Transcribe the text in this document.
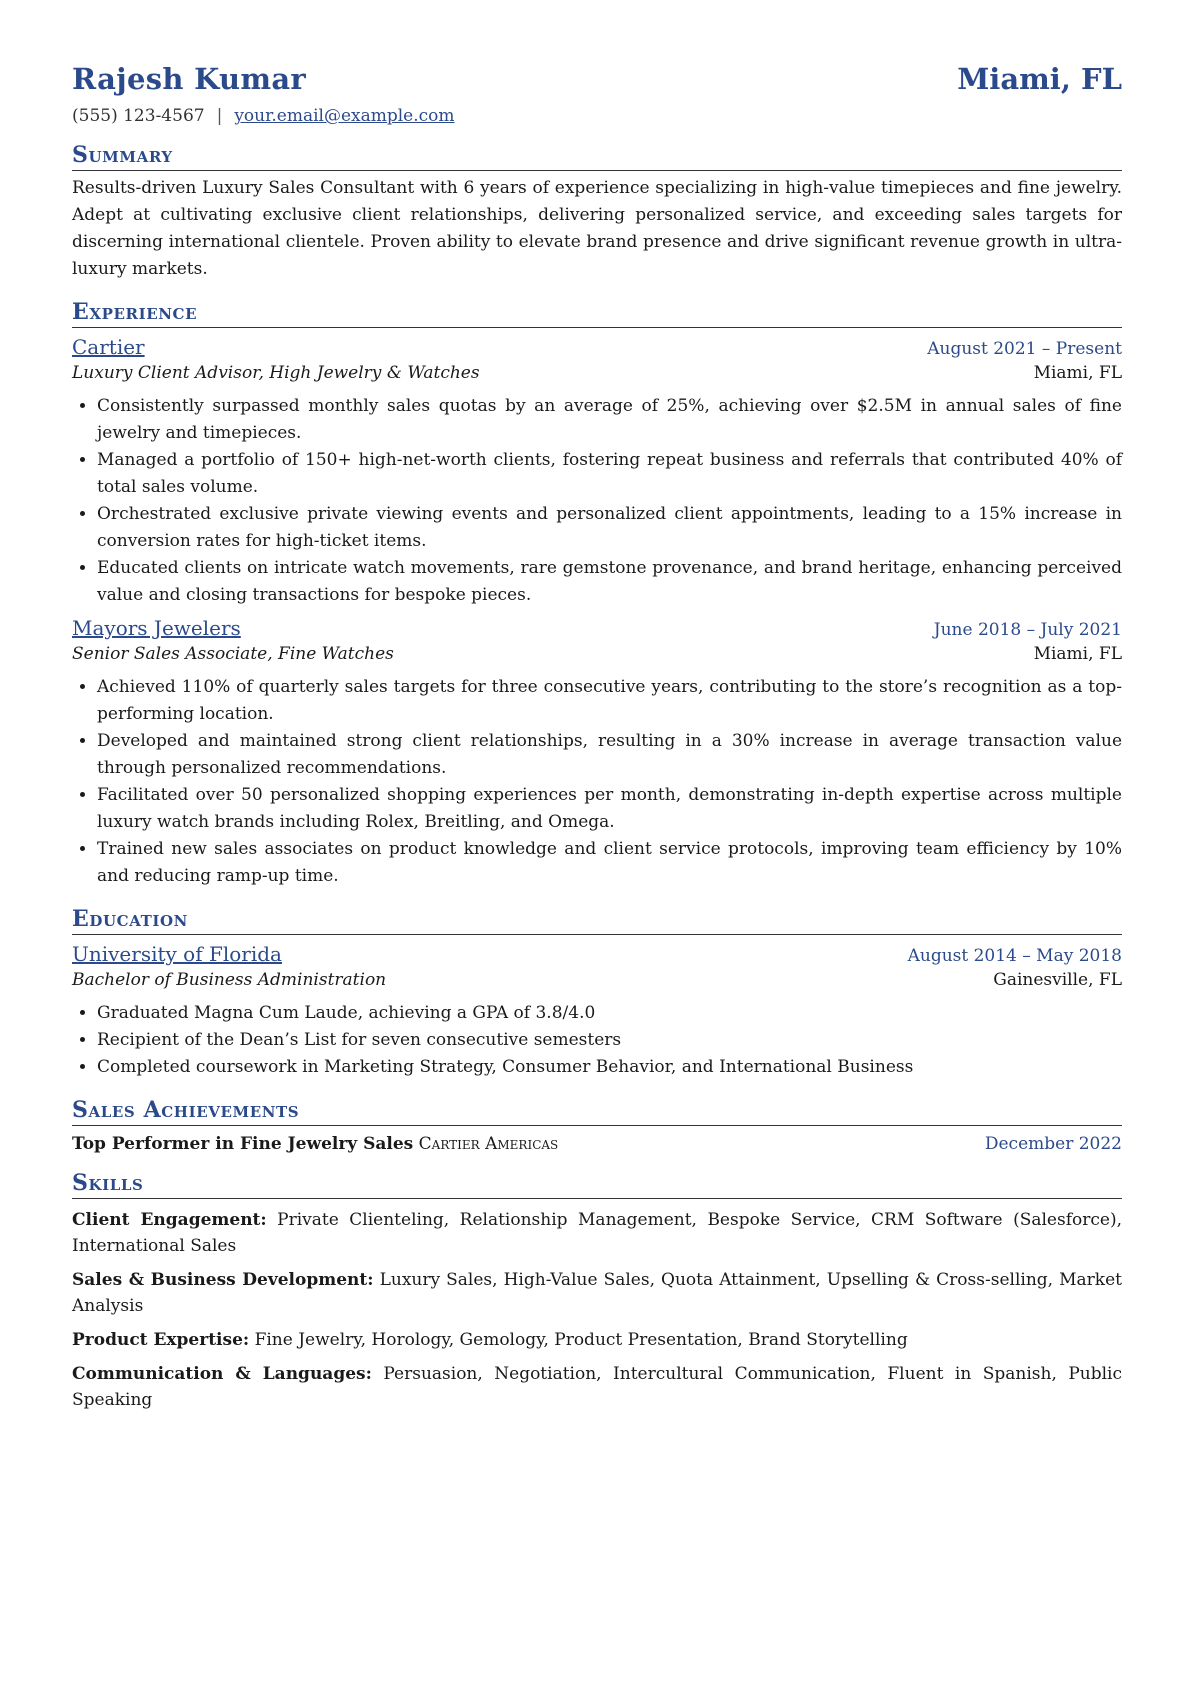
Rajesh Kumar	Miami, FL
(555) 123-4567 | your.email@example.com
Summary
Results-driven Luxury Sales Consultant with 6 years of experience specializing in high-value timepieces and fine jewelry. Adept at cultivating exclusive client relationships, delivering personalized service, and exceeding sales targets for discerning international clientele. Proven ability to elevate brand presence and drive significant revenue growth in ultra-luxury markets.
Experience
Cartier	August 2021 – Present
Luxury Client Advisor, High Jewelry & Watches	Miami, FL
• Consistently surpassed monthly sales quotas by an average of 25%, achieving over $2.5M in annual sales of fine jewelry and timepieces.
• Managed a portfolio of 150+ high-net-worth clients, fostering repeat business and referrals that contributed 40% of total sales volume.
• Orchestrated exclusive private viewing events and personalized client appointments, leading to a 15% increase in conversion rates for high-ticket items.
• Educated clients on intricate watch movements, rare gemstone provenance, and brand heritage, enhancing perceived value and closing transactions for bespoke pieces.
Mayors Jewelers	June 2018 – July 2021
Senior Sales Associate, Fine Watches	Miami, FL
• Achieved 110% of quarterly sales targets for three consecutive years, contributing to the store’s recognition as a top-performing location.
• Developed and maintained strong client relationships, resulting in a 30% increase in average transaction value through personalized recommendations.
• Facilitated over 50 personalized shopping experiences per month, demonstrating in-depth expertise across multiple luxury watch brands including Rolex, Breitling, and Omega.
• Trained new sales associates on product knowledge and client service protocols, improving team efficiency by 10% and reducing ramp-up time.
Education
University of Florida	August 2014 – May 2018
Bachelor of Business Administration	Gainesville, FL
• Graduated Magna Cum Laude, achieving a GPA of 3.8/4.0
• Recipient of the Dean’s List for seven consecutive semesters
• Completed coursework in Marketing Strategy, Consumer Behavior, and International Business
Sales Achievements
Top Performer in Fine Jewelry Sales Cartier Americas	December 2022
Skills
Client Engagement: Private Clienteling, Relationship Management, Bespoke Service, CRM Software (Salesforce), International Sales
Sales & Business Development: Luxury Sales, High-Value Sales, Quota Attainment, Upselling & Cross-selling, Market Analysis
Product Expertise: Fine Jewelry, Horology, Gemology, Product Presentation, Brand Storytelling
Communication & Languages: Persuasion, Negotiation, Intercultural Communication, Fluent in Spanish, Public Speaking
